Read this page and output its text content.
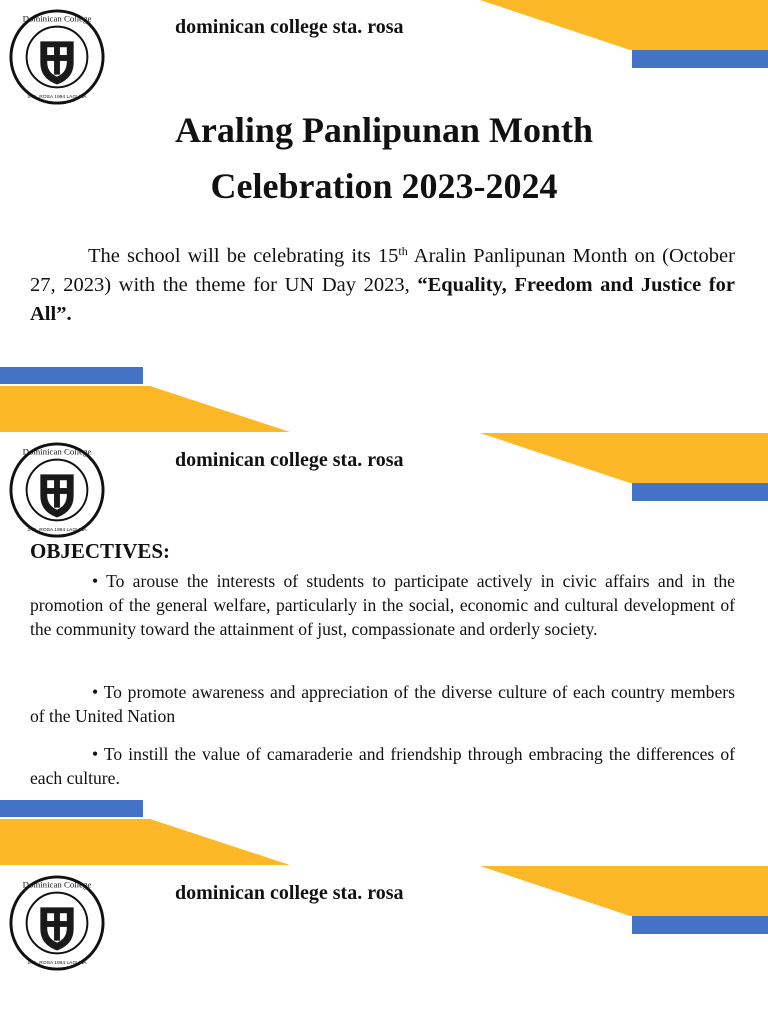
Dominican College
STA. ROSA 1994 LAGUNA
dominican college sta. rosa
Araling Panlipunan Month
Celebration 2023-2024
The school will be celebrating its 15th Aralin Panlipunan Month on (October 27, 2023) with the theme for UN Day 2023, “Equality, Freedom and Justice for All”.
Dominican College
STA. ROSA 1994 LAGUNA
dominican college sta. rosa
OBJECTIVES:

• To arouse the interests of students to participate actively in civic affairs and in the promotion of the general welfare, particularly in the social, economic and cultural development of the community toward the attainment of just, compassionate and orderly society.

• To promote awareness and appreciation of the diverse culture of each country members of the United Nation

• To instill the value of camaraderie and friendship through embracing the differences of each culture.

Dominican College
STA. ROSA 1994 LAGUNA
dominican college sta. rosa
